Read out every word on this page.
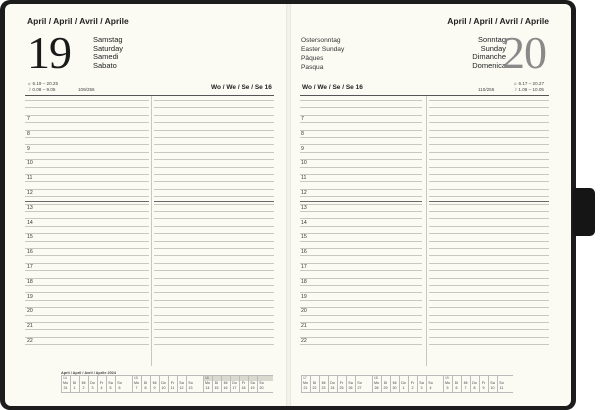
April / April / Avril / Aprile
19	Samstag
Saturday
Samedi
Sabato
☼ 6.19 – 20.25
☽ 0.08 – 9.05	109/256	Wo / We / Se / Se 16
7
8
9
10
11
12
13
14
15
16
17
18
19
20
21
22
April / April / Avril / Aprile 2024
14
Mo	Di	Mi	Do	Fr	Sa	So
31	1	2	3	4	5	6
15
Mo	Di	Mi	Do	Fr	Sa	So
7	8	9	10	11	12	13
16
Mo	Di	Mi	Do	Fr	Sa	So
14	15	16	17	18	19	20
April / April / Avril / Aprile
Ostersonntag
Easter Sunday
Pâques
Pasqua
Sonntag
Sunday
Dimanche
Domenica
20
☼ 6.17 – 20.27
☽ 1.06 – 10.05
110/255
Wo / We / Se / Se 16
7
8
9
10
11
12
13
14
15
16
17
18
19
20
21
22
17
Mo	Di	Mi	Do	Fr	Sa	So
21	22	23	24	25	26	27
18
Mo	Di	Mi	Do	Fr	Sa	So
28	29	30	1	2	3	4
19
Mo	Di	Mi	Do	Fr	Sa	So
5	6	7	8	9	10	11
